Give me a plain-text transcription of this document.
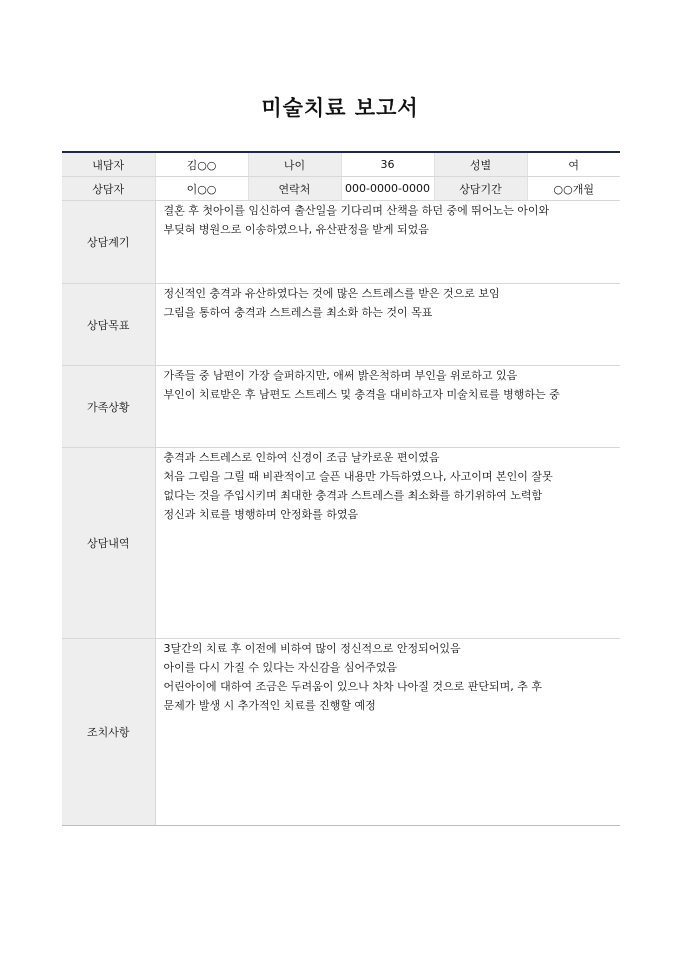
미술치료 보고서
내담자	김○○	나이	36	성별	여
상담자	이○○	연락처	000-0000-0000	상담기간	○○개월
상담계기	결혼 후 첫아이를 임신하여 출산일을 기다리며 산책을 하던 중에 뛰어노는 아이와
부딪혀 병원으로 이송하였으나, 유산판정을 받게 되었음				

상담목표	정신적인 충격과 유산하였다는 것에 많은 스트레스를 받은 것으로 보임
그림을 통하여 충격과 스트레스를 최소화 하는 것이 목표				

가족상황	가족들 중 남편이 가장 슬퍼하지만, 애써 밝은척하며 부인을 위로하고 있음
부인이 치료받은 후 남편도 스트레스 및 충격을 대비하고자 미술치료를 병행하는 중				

상담내역	충격과 스트레스로 인하여 신경이 조금 날카로운 편이였음
처음 그림을 그릴 때 비관적이고 슬픈 내용만 가득하였으나, 사고이며 본인이 잘못
없다는 것을 주입시키며 최대한 충격과 스트레스를 최소화를 하기위하여 노력함
정신과 치료를 병행하며 안정화를 하였음				

조치사항	3달간의 치료 후 이전에 비하여 많이 정신적으로 안정되어있음
아이를 다시 가질 수 있다는 자신감을 심어주었음
어린아이에 대하여 조금은 두려움이 있으나 차차 나아질 것으로 판단되며, 추 후
문제가 발생 시 추가적인 치료를 진행할 예정				
